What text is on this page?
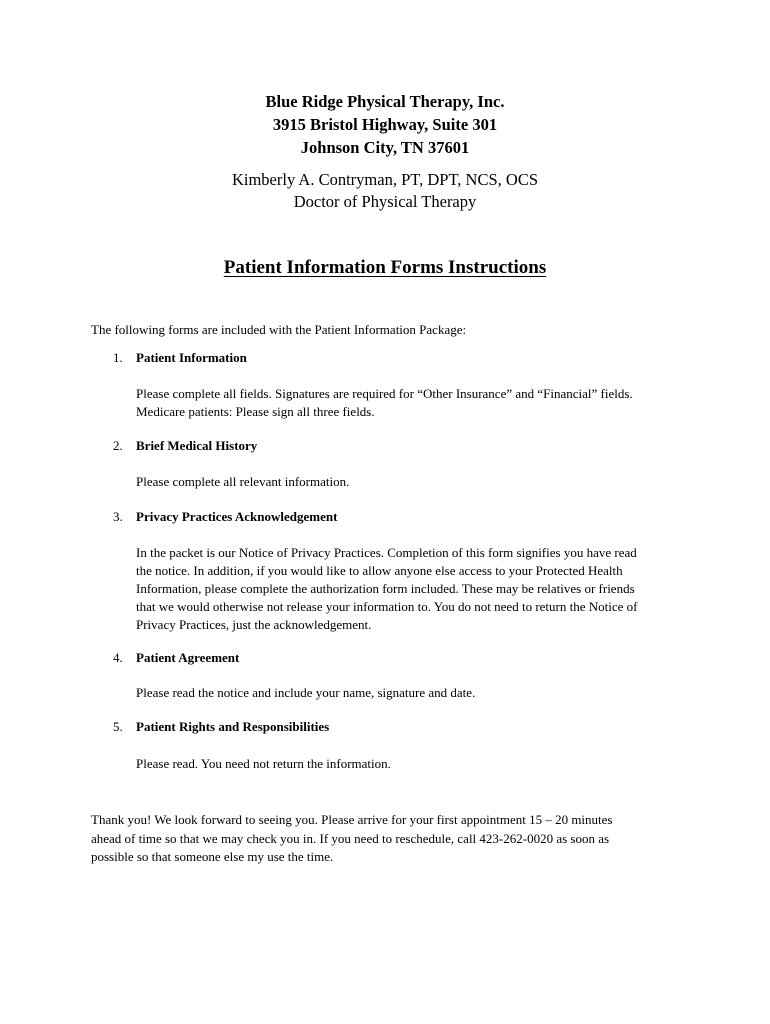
Blue Ridge Physical Therapy, Inc.
3915 Bristol Highway, Suite 301
Johnson City, TN 37601
Kimberly A. Contryman, PT, DPT, NCS, OCS
Doctor of Physical Therapy
Patient Information Forms Instructions
The following forms are included with the Patient Information Package:
1. Patient Information
Please complete all fields. Signatures are required for “Other Insurance” and “Financial” fields.
Medicare patients: Please sign all three fields.
2. Brief Medical History
Please complete all relevant information.
3. Privacy Practices Acknowledgement
In the packet is our Notice of Privacy Practices. Completion of this form signifies you have read
the notice. In addition, if you would like to allow anyone else access to your Protected Health
Information, please complete the authorization form included. These may be relatives or friends
that we would otherwise not release your information to. You do not need to return the Notice of
Privacy Practices, just the acknowledgement.
4. Patient Agreement
Please read the notice and include your name, signature and date.
5. Patient Rights and Responsibilities
Please read. You need not return the information.
Thank you! We look forward to seeing you. Please arrive for your first appointment 15 – 20 minutes
ahead of time so that we may check you in. If you need to reschedule, call 423-262-0020 as soon as
possible so that someone else my use the time.
